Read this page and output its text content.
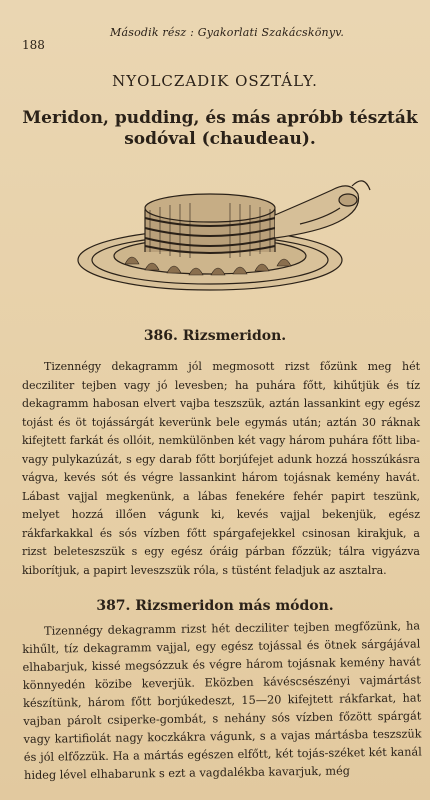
188
Második rész : Gyakorlati Szakácskönyv.
NYOLCZADIK OSZTÁLY.
Meridon, pudding, és más apróbb tészták sodóval (chaudeau).
386. Rizsmeridon.

Tizennégy dekagramm jól megmosott rizst főzünk meg hét decziliter tejben vagy jó levesben; ha puhára főtt, kihűtjük és tíz dekagramm habosan elvert vajba teszszük, aztán lassankint egy egész tojást és öt tojássárgát keverünk bele egymás után; aztán 30 ráknak kifejtett farkát és ollóit, nemkülönben két vagy három puhára főtt liba- vagy pulykazúzát, s egy darab főtt borjúfejet adunk hozzá hosszúkásra vágva, kevés sót és végre lassankint három tojásnak kemény havát. Lábast vajjal megkenünk, a lábas fenekére fehér papirt teszünk, melyet hozzá illően vágunk ki, kevés vajjal bekenjük, egész rákfarkakkal és sós vízben főtt spárgafejekkel csinosan kirakjuk, a rizst beleteszszük s egy egész óráig párban főzzük; tálra vigyázva kiborítjuk, a papirt leveszszük róla, s tüstént feladjuk az asztalra.

387. Rizsmeridon más módon.

Tizennégy dekagramm rizst hét decziliter tejben megfőzünk, ha kihűlt, tíz dekagramm vajjal, egy egész tojással és ötnek sárgájával elhabarjuk, kissé megsózzuk és végre három tojásnak kemény havát könnyedén közibe keverjük. Eközben kávéscsészényi vajmártást készítünk, három főtt borjúkedeszt, 15—20 kifejtett rákfarkat, hat vajban párolt csiperke-gombát, s nehány sós vízben főzött spárgát vagy kartifiolát nagy koczkákra vágunk, s a vajas mártásba teszszük és jól elfőzzük. Ha a mártás egészen elfőtt, két tojás-széket két kanál hideg lével elhabarunk s ezt a vagdalékba kavarjuk, még
